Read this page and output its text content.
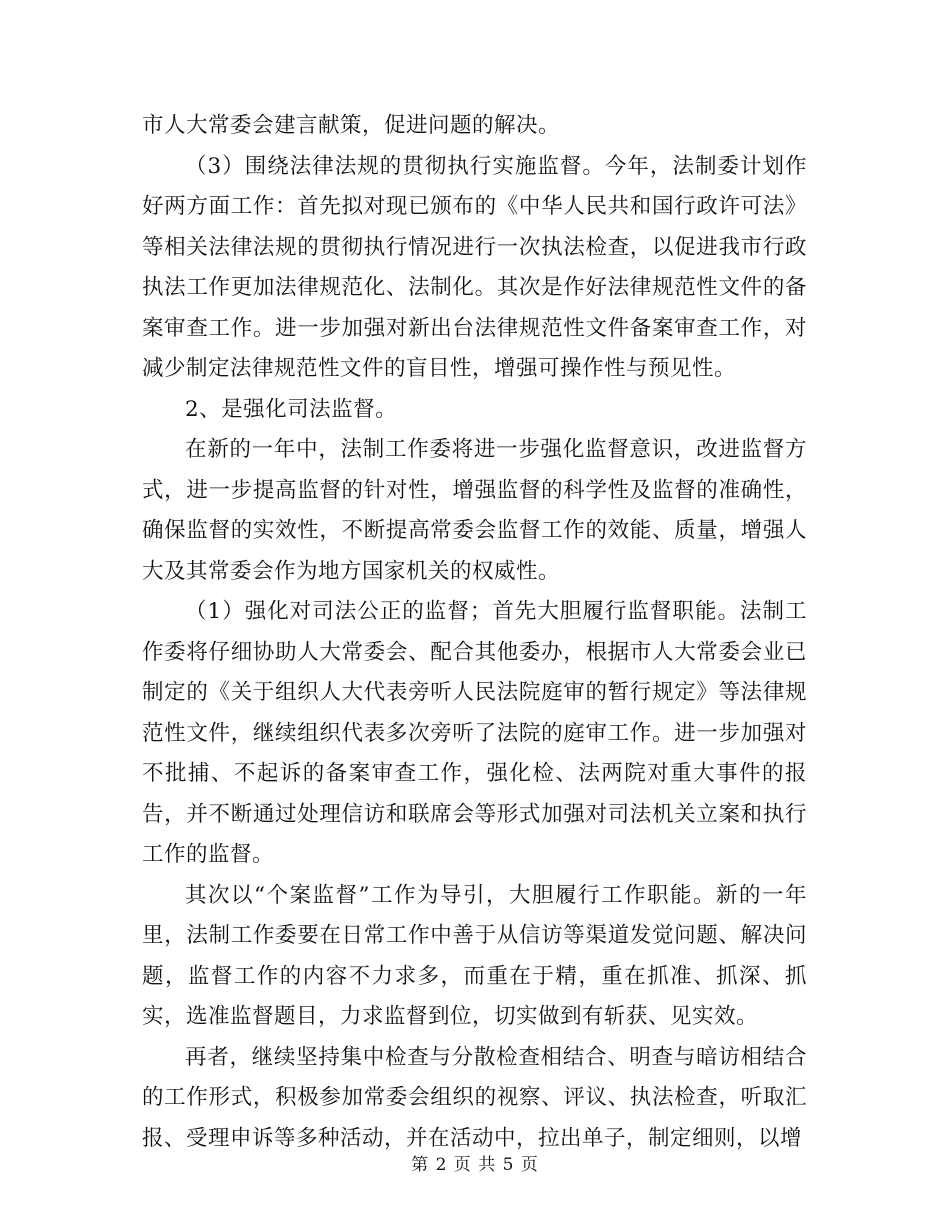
市人大常委会建言献策，促进问题的解决。

（3）围绕法律法规的贯彻执行实施监督。今年，法制委计划作好两方面工作：首先拟对现已颁布的《中华人民共和国行政许可法》等相关法律法规的贯彻执行情况进行一次执法检查，以促进我市行政执法工作更加法律规范化、法制化。其次是作好法律规范性文件的备案审查工作。进一步加强对新出台法律规范性文件备案审查工作，对减少制定法律规范性文件的盲目性，增强可操作性与预见性。

2、是强化司法监督。

在新的一年中，法制工作委将进一步强化监督意识，改进监督方式，进一步提高监督的针对性，增强监督的科学性及监督的准确性，确保监督的实效性，不断提高常委会监督工作的效能、质量，增强人大及其常委会作为地方国家机关的权威性。

（1）强化对司法公正的监督；首先大胆履行监督职能。法制工作委将仔细协助人大常委会、配合其他委办，根据市人大常委会业已制定的《关于组织人大代表旁听人民法院庭审的暂行规定》等法律规范性文件，继续组织代表多次旁听了法院的庭审工作。进一步加强对不批捕、不起诉的备案审查工作，强化检、法两院对重大事件的报告，并不断通过处理信访和联席会等形式加强对司法机关立案和执行工作的监督。

其次以“个案监督”工作为导引，大胆履行工作职能。新的一年里，法制工作委要在日常工作中善于从信访等渠道发觉问题、解决问题，监督工作的内容不力求多，而重在于精，重在抓准、抓深、抓实，选准监督题目，力求监督到位，切实做到有斩获、见实效。

再者，继续坚持集中检查与分散检查相结合、明查与暗访相结合的工作形式，积极参加常委会组织的视察、评议、执法检查，听取汇报、受理申诉等多种活动，并在活动中，拉出单子，制定细则，以增

第 2 页 共 5 页
